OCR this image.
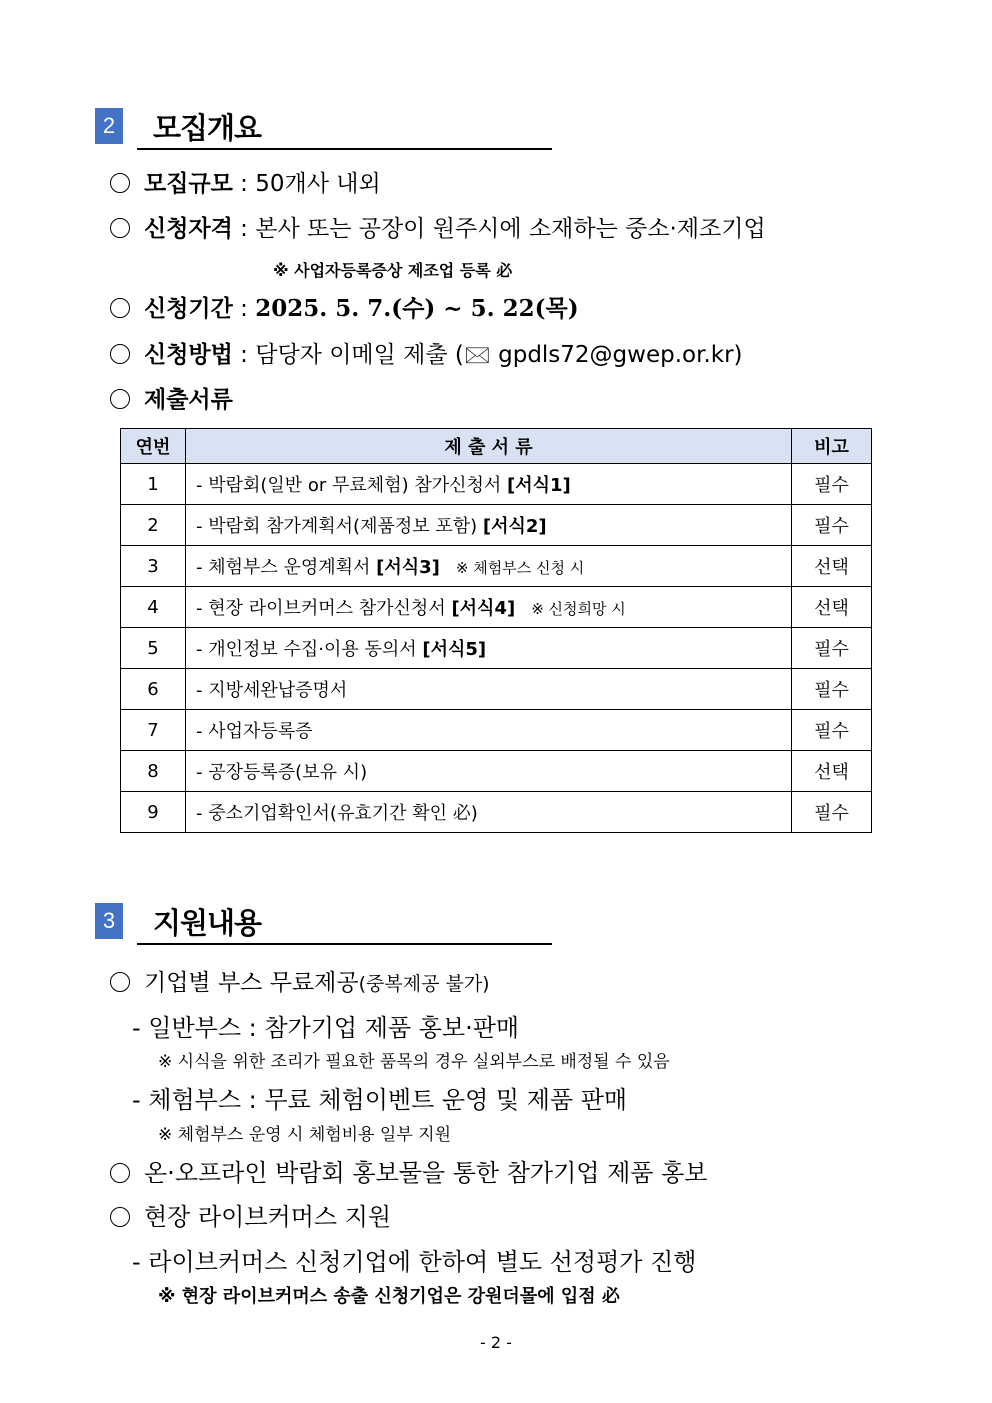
2 모집개요
모집규모 : 50개사 내외
신청자격 : 본사 또는 공장이 원주시에 소재하는 중소·제조기업
※ 사업자등록증상 제조업 등록 必
신청기간 : 2025. 5. 7.(수) ~ 5. 22(목)
신청방법 : 담당자 이메일 제출 (🖂 gpdls72@gwep.or.kr)
제출서류
연번	제 출 서 류	비고
1	- 박람회(일반 or 무료체험) 참가신청서 [서식1]	필수
2	- 박람회 참가계획서(제품정보 포함) [서식2]	필수
3	- 체험부스 운영계획서 [서식3] ※ 체험부스 신청 시	선택
4	- 현장 라이브커머스 참가신청서 [서식4] ※ 신청희망 시	선택
5	- 개인정보 수집·이용 동의서 [서식5]	필수
6	- 지방세완납증명서	필수
7	- 사업자등록증	필수
8	- 공장등록증(보유 시)	선택
9	- 중소기업확인서(유효기간 확인 必)	필수
3 지원내용
기업별 부스 무료제공(중복제공 불가)
- 일반부스 : 참가기업 제품 홍보·판매
※ 시식을 위한 조리가 필요한 품목의 경우 실외부스로 배정될 수 있음
- 체험부스 : 무료 체험이벤트 운영 및 제품 판매
※ 체험부스 운영 시 체험비용 일부 지원
온·오프라인 박람회 홍보물을 통한 참가기업 제품 홍보
현장 라이브커머스 지원
- 라이브커머스 신청기업에 한하여 별도 선정평가 진행
※ 현장 라이브커머스 송출 신청기업은 강원더몰에 입점 必
- 2 -
